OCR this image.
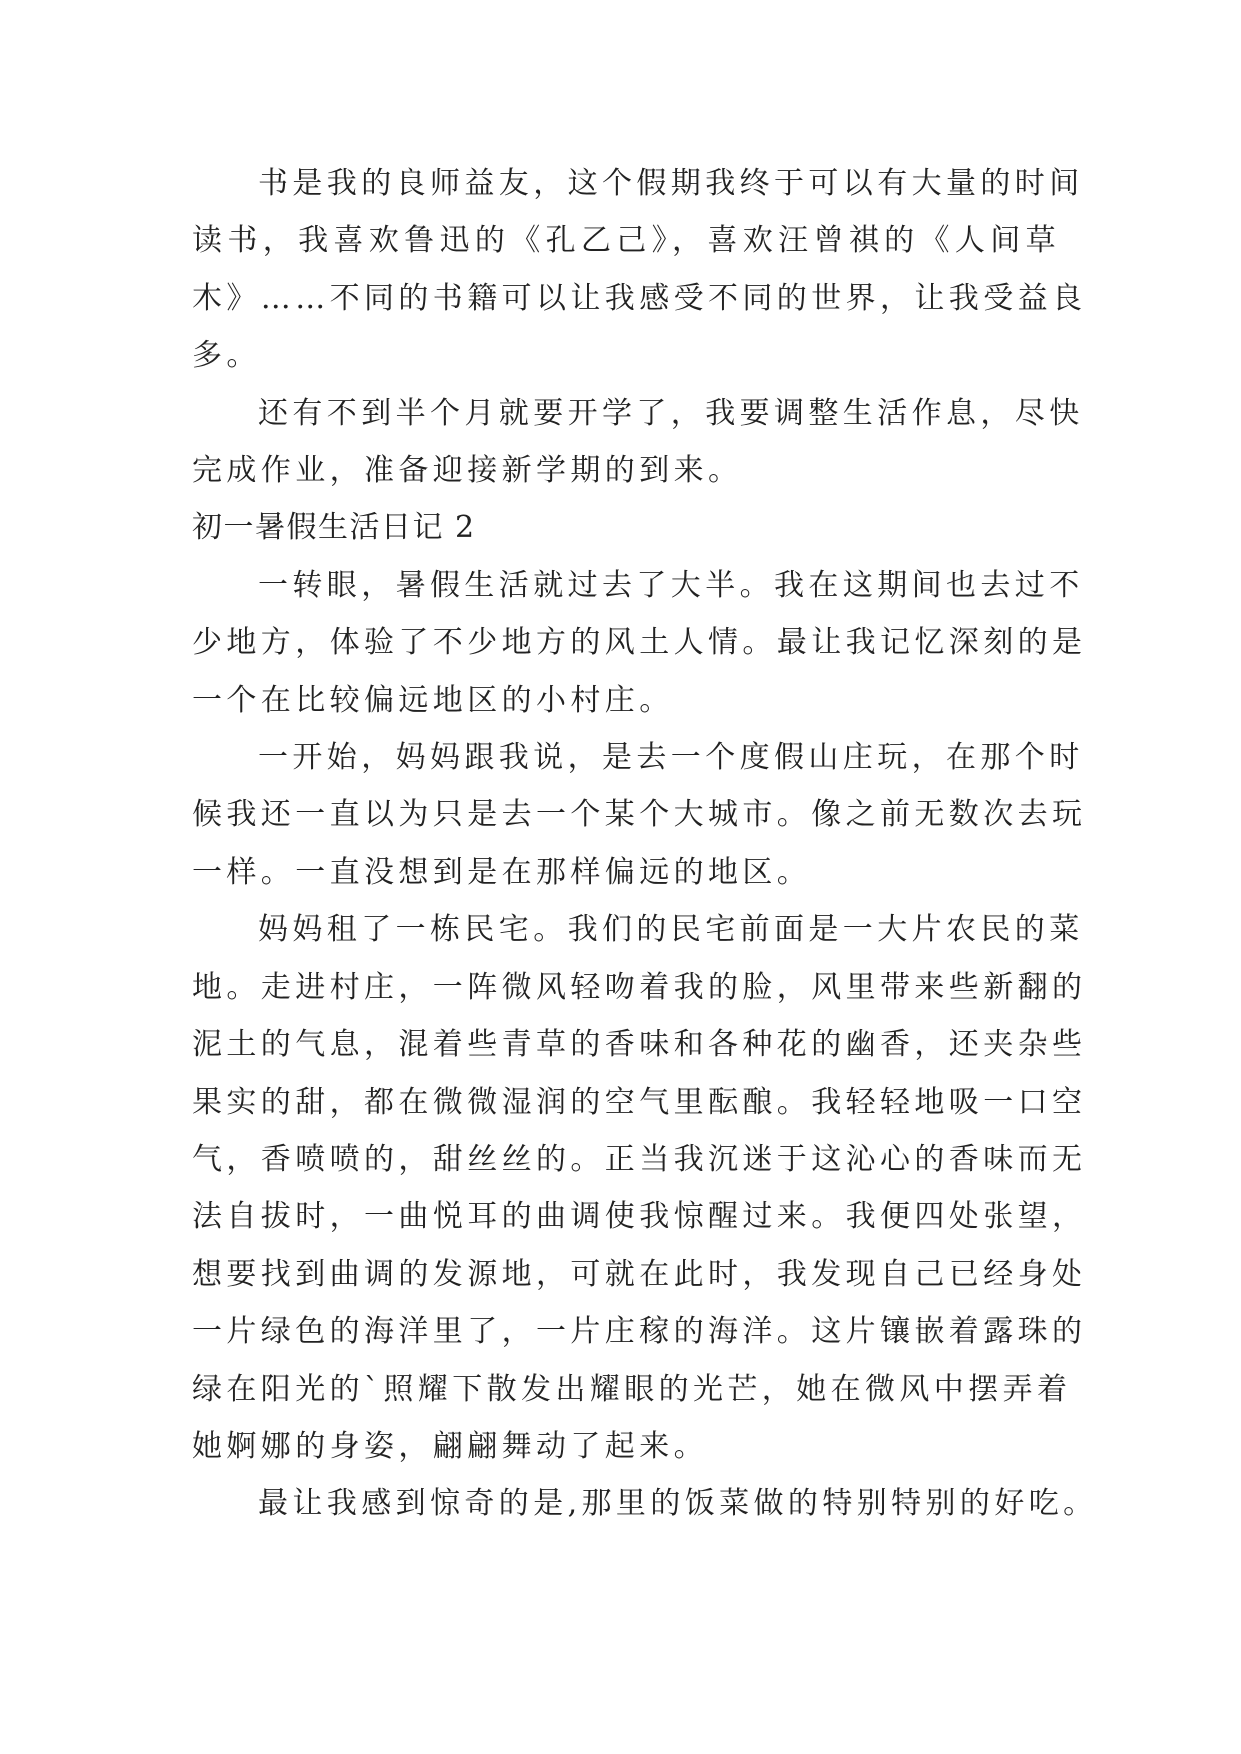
书是我的良师益友，这个假期我终于可以有大量的时间
读书，我喜欢鲁迅的《孔乙己》，喜欢汪曾祺的《人间草
木》……不同的书籍可以让我感受不同的世界，让我受益良
多。

还有不到半个月就要开学了，我要调整生活作息，尽快
完成作业，准备迎接新学期的到来。

初一暑假生活日记 2

一转眼，暑假生活就过去了大半。我在这期间也去过不
少地方，体验了不少地方的风土人情。最让我记忆深刻的是
一个在比较偏远地区的小村庄。

一开始，妈妈跟我说，是去一个度假山庄玩，在那个时
候我还一直以为只是去一个某个大城市。像之前无数次去玩
一样。一直没想到是在那样偏远的地区。

妈妈租了一栋民宅。我们的民宅前面是一大片农民的菜
地。走进村庄，一阵微风轻吻着我的脸，风里带来些新翻的
泥土的气息，混着些青草的香味和各种花的幽香，还夹杂些
果实的甜，都在微微湿润的空气里酝酿。我轻轻地吸一口空
气，香喷喷的，甜丝丝的。正当我沉迷于这沁心的香味而无
法自拔时，一曲悦耳的曲调使我惊醒过来。我便四处张望，
想要找到曲调的发源地，可就在此时，我发现自己已经身处
一片绿色的海洋里了，一片庄稼的海洋。这片镶嵌着露珠的
绿在阳光的`照耀下散发出耀眼的光芒，她在微风中摆弄着
她婀娜的身姿，翩翩舞动了起来。

最让我感到惊奇的是,那里的饭菜做的特别特别的好吃。
